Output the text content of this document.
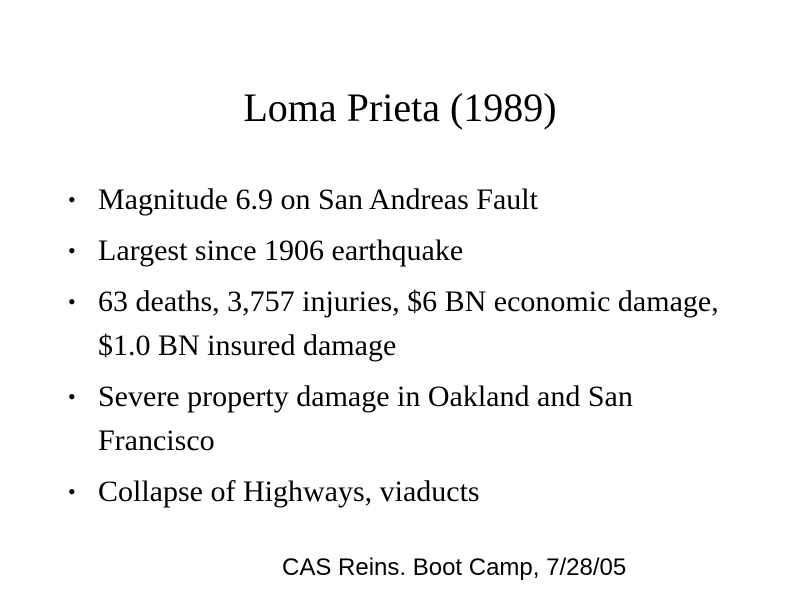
Loma Prieta (1989)
• Magnitude 6.9 on San Andreas Fault
• Largest since 1906 earthquake
• 63 deaths, 3,757 injuries, $6 BN economic damage, $1.0 BN insured damage
• Severe property damage in Oakland and San Francisco
• Collapse of Highways, viaducts
CAS Reins. Boot Camp, 7/28/05
